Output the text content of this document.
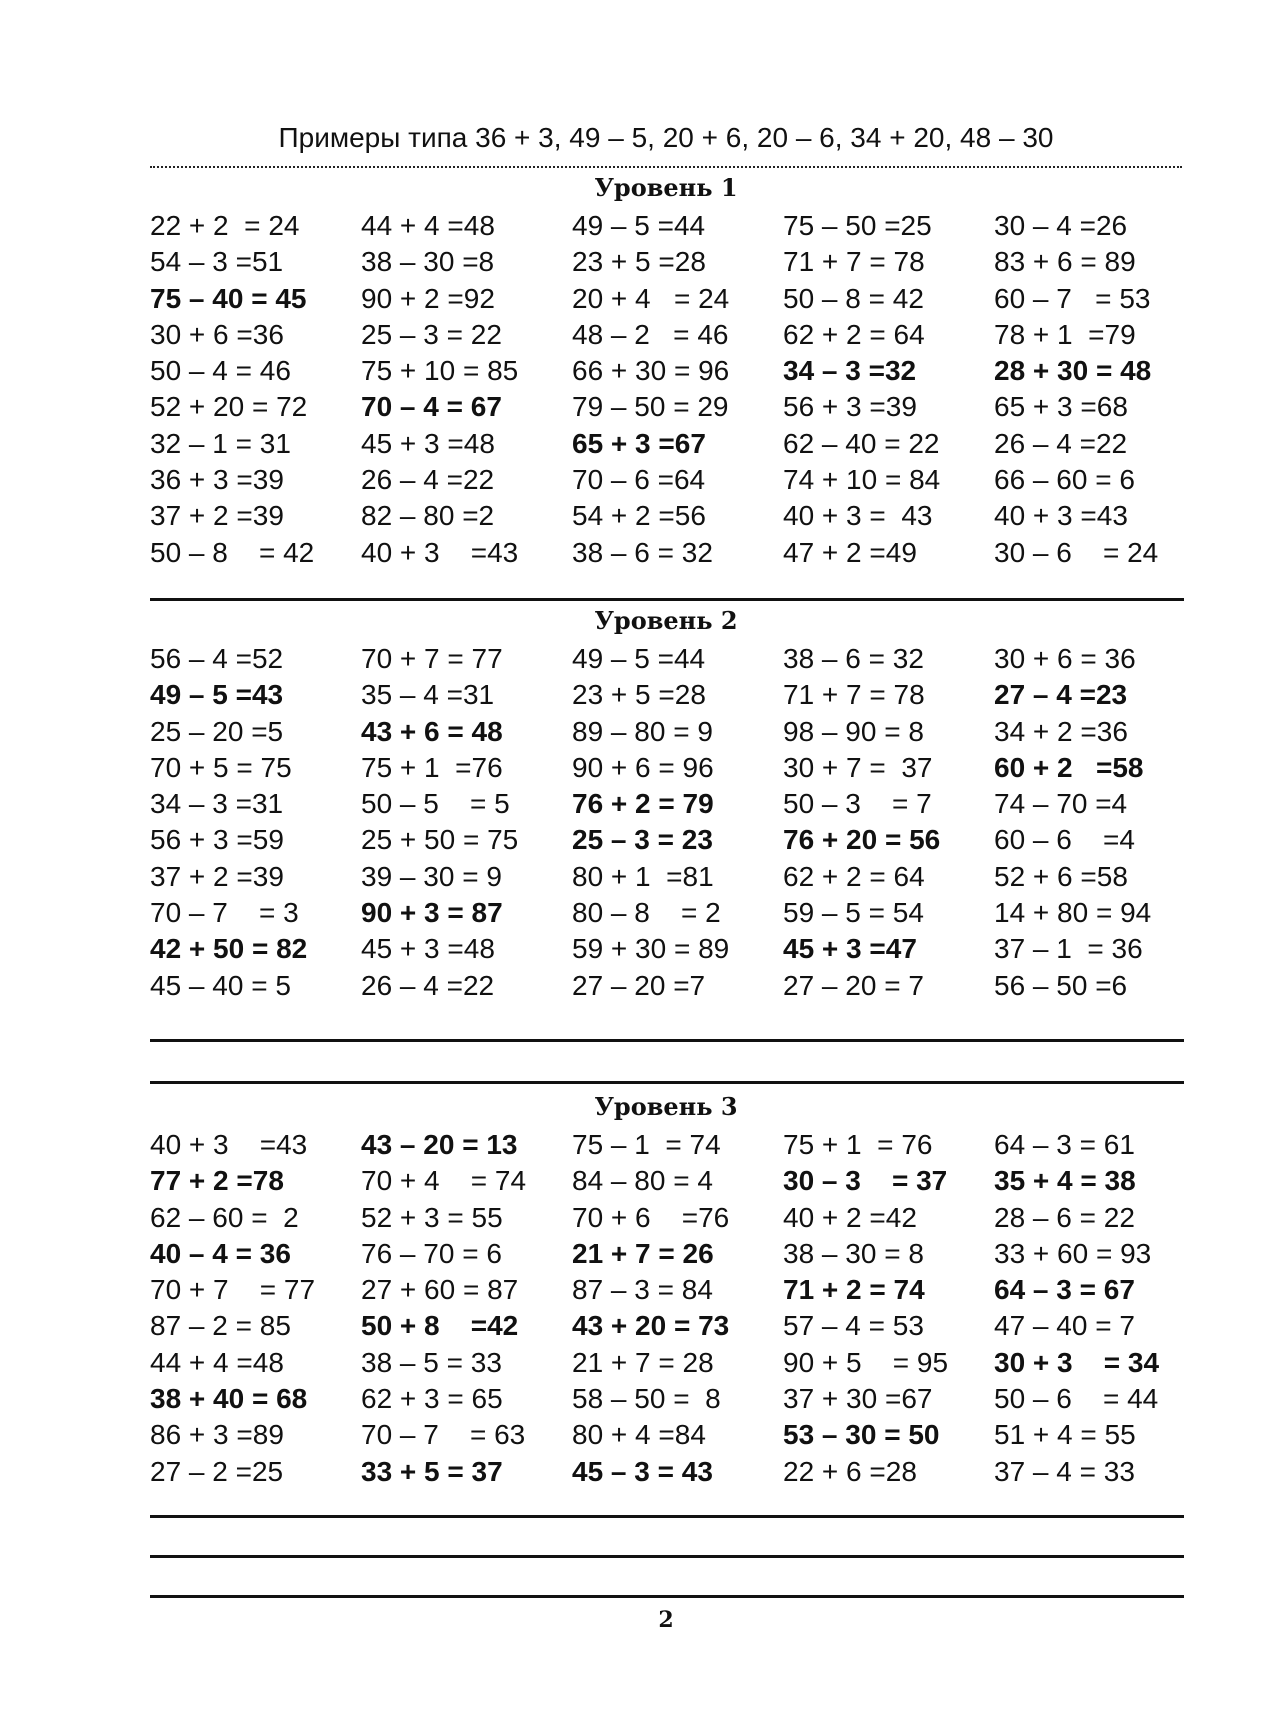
Примеры типа 36 + 3, 49 – 5, 20 + 6, 20 – 6, 34 + 20, 48 – 30
Уровень 1
22 + 2  = 24	44 + 4 =48	49 – 5 =44	75 – 50 =25	30 – 4 =26
54 – 3 =51	38 – 30 =8	23 + 5 =28	71 + 7 = 78	83 + 6 = 89
75 – 40 = 45	90 + 2 =92	20 + 4   = 24	50 – 8 = 42	60 – 7   = 53
30 + 6 =36	25 – 3 = 22	48 – 2   = 46	62 + 2 = 64	78 + 1  =79
50 – 4 = 46	75 + 10 = 85	66 + 30 = 96	34 – 3 =32	28 + 30 = 48
52 + 20 = 72	70 – 4 = 67	79 – 50 = 29	56 + 3 =39	65 + 3 =68
32 – 1 = 31	45 + 3 =48	65 + 3 =67	62 – 40 = 22	26 – 4 =22
36 + 3 =39	26 – 4 =22	70 – 6 =64	74 + 10 = 84	66 – 60 = 6
37 + 2 =39	82 – 80 =2	54 + 2 =56	40 + 3 =  43	40 + 3 =43
50 – 8    = 42	40 + 3    =43	38 – 6 = 32	47 + 2 =49	30 – 6    = 24
Уровень 2
56 – 4 =52	70 + 7 = 77	49 – 5 =44	38 – 6 = 32	30 + 6 = 36
49 – 5 =43	35 – 4 =31	23 + 5 =28	71 + 7 = 78	27 – 4 =23
25 – 20 =5	43 + 6 = 48	89 – 80 = 9	98 – 90 = 8	34 + 2 =36
70 + 5 = 75	75 + 1  =76	90 + 6 = 96	30 + 7 =  37	60 + 2   =58
34 – 3 =31	50 – 5    = 5	76 + 2 = 79	50 – 3    = 7	74 – 70 =4
56 + 3 =59	25 + 50 = 75	25 – 3 = 23	76 + 20 = 56	60 – 6    =4
37 + 2 =39	39 – 30 = 9	80 + 1  =81	62 + 2 = 64	52 + 6 =58
70 – 7    = 3	90 + 3 = 87	80 – 8    = 2	59 – 5 = 54	14 + 80 = 94
42 + 50 = 82	45 + 3 =48	59 + 30 = 89	45 + 3 =47	37 – 1  = 36
45 – 40 = 5	26 – 4 =22	27 – 20 =7	27 – 20 = 7	56 – 50 =6
Уровень 3
40 + 3    =43	43 – 20 = 13	75 – 1  = 74	75 + 1  = 76	64 – 3 = 61
77 + 2 =78	70 + 4    = 74	84 – 80 = 4	30 – 3    = 37	35 + 4 = 38
62 – 60 =  2	52 + 3 = 55	70 + 6    =76	40 + 2 =42	28 – 6 = 22
40 – 4 = 36	76 – 70 = 6	21 + 7 = 26	38 – 30 = 8	33 + 60 = 93
70 + 7    = 77	27 + 60 = 87	87 – 3 = 84	71 + 2 = 74	64 – 3 = 67
87 – 2 = 85	50 + 8    =42	43 + 20 = 73	57 – 4 = 53	47 – 40 = 7
44 + 4 =48	38 – 5 = 33	21 + 7 = 28	90 + 5    = 95	30 + 3    = 34
38 + 40 = 68	62 + 3 = 65	58 – 50 =  8	37 + 30 =67	50 – 6    = 44
86 + 3 =89	70 – 7    = 63	80 + 4 =84	53 – 30 = 50	51 + 4 = 55
27 – 2 =25	33 + 5 = 37	45 – 3 = 43	22 + 6 =28	37 – 4 = 33
2
